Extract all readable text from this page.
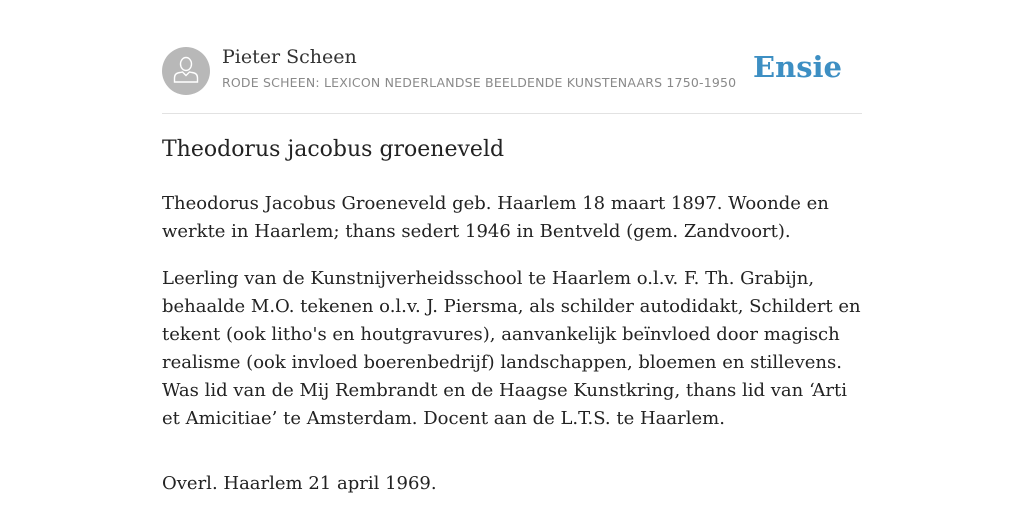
Pieter Scheen
RODE SCHEEN: LEXICON NEDERLANDSE BEELDENDE KUNSTENAARS 1750-1950 Ensie
Theodorus jacobus groeneveld

Theodorus Jacobus Groeneveld geb. Haarlem 18 maart 1897. Woonde en werkte in Haarlem; thans sedert 1946 in Bentveld (gem. Zandvoort).

Leerling van de Kunstnijverheidsschool te Haarlem o.l.v. F. Th. Grabijn, behaalde M.O. tekenen o.l.v. J. Piersma, als schilder autodidakt, Schildert en tekent (ook litho's en houtgravures), aanvankelijk beïnvloed door magisch realisme (ook invloed boerenbedrijf) landschappen, bloemen en stillevens. Was lid van de Mij Rembrandt en de Haagse Kunstkring, thans lid van ‘Arti et Amicitiae’ te Amsterdam. Docent aan de L.T.S. te Haarlem.

Overl. Haarlem 21 april 1969.
